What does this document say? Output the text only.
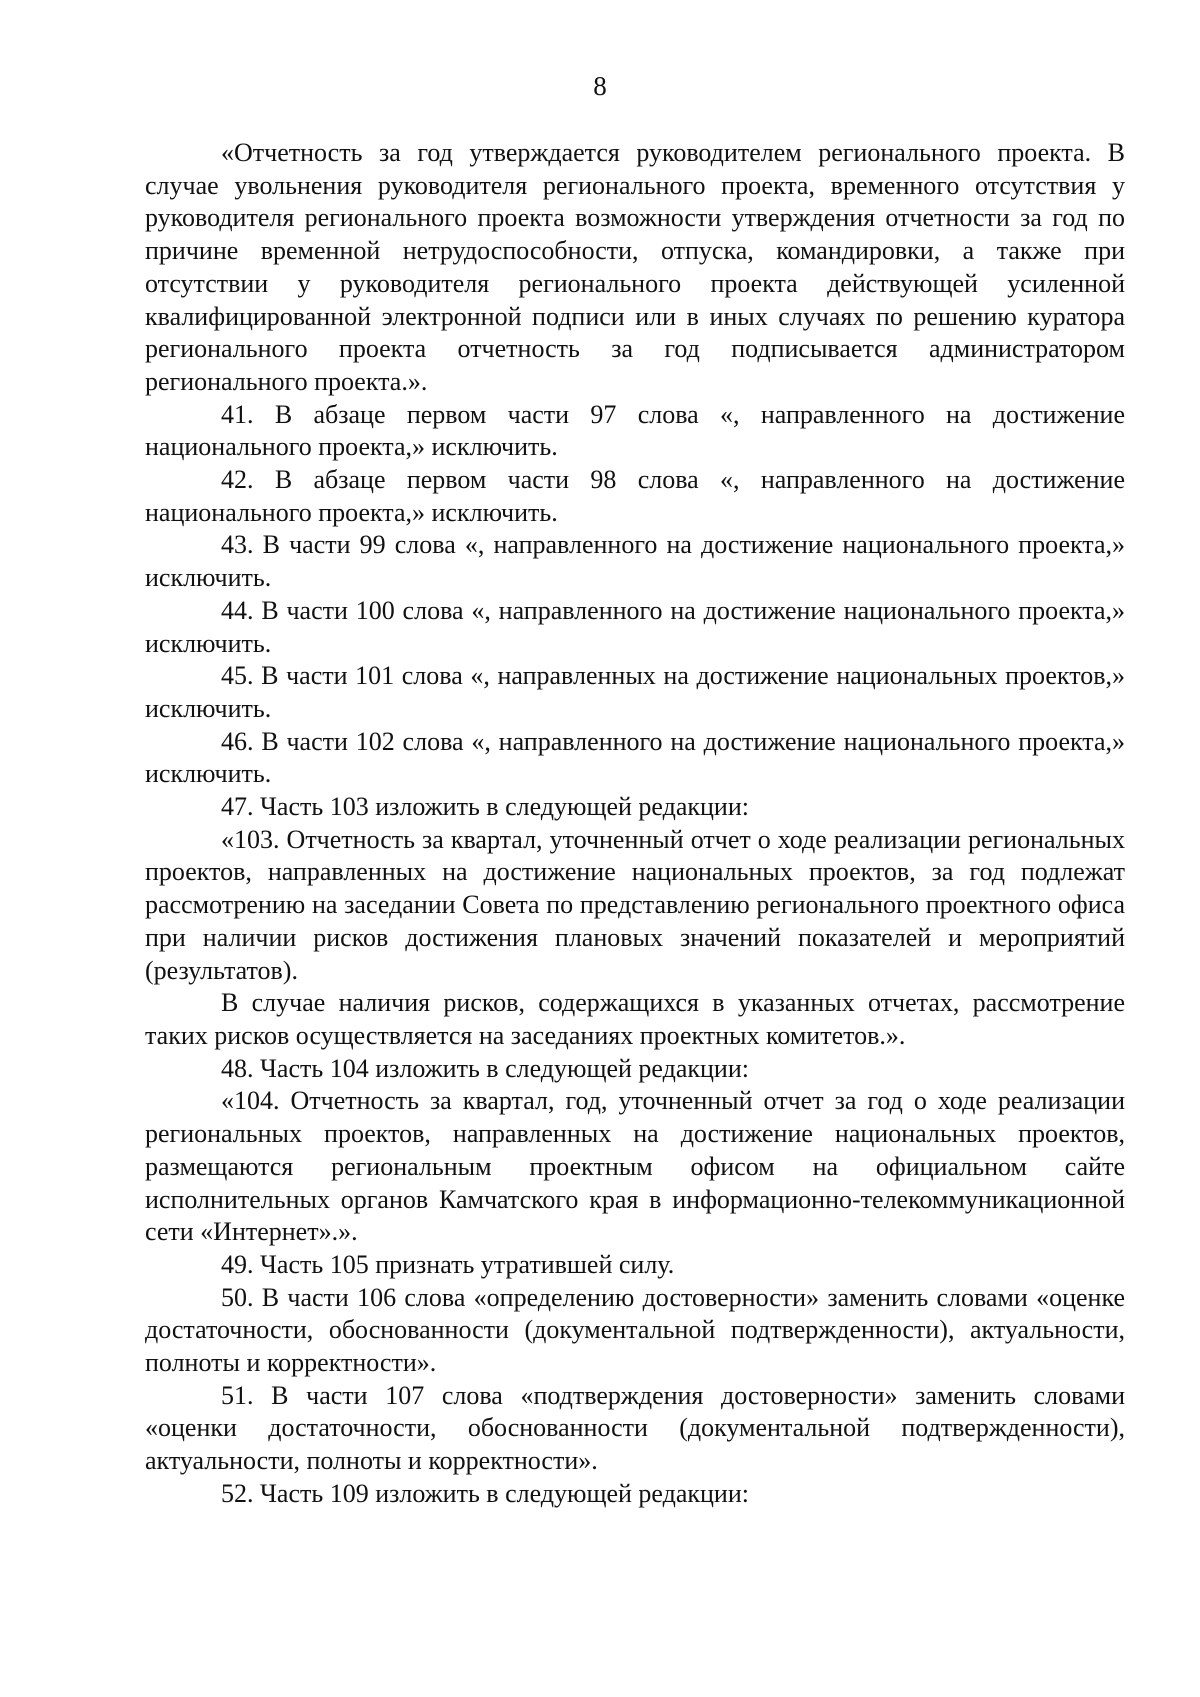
8

«Отчетность за год утверждается руководителем регионального проекта. В случае увольнения руководителя регионального проекта, временного отсутствия у руководителя регионального проекта возможности утверждения отчетности за год по причине временной нетрудоспособности, отпуска, командировки, а также при отсутствии у руководителя регионального проекта действующей усиленной квалифицированной электронной подписи или в иных случаях по решению куратора регионального проекта отчетность за год подписывается администратором регионального проекта.».

41. В абзаце первом части 97 слова «, направленного на достижение национального проекта,» исключить.

42. В абзаце первом части 98 слова «, направленного на достижение национального проекта,» исключить.

43. В части 99 слова «, направленного на достижение национального проекта,» исключить.

44. В части 100 слова «, направленного на достижение национального проекта,» исключить.

45. В части 101 слова «, направленных на достижение национальных проектов,» исключить.

46. В части 102 слова «, направленного на достижение национального проекта,» исключить.

47. Часть 103 изложить в следующей редакции:

«103. Отчетность за квартал, уточненный отчет о ходе реализации региональных проектов, направленных на достижение национальных проектов, за год подлежат рассмотрению на заседании Совета по представлению регионального проектного офиса при наличии рисков достижения плановых значений показателей и мероприятий (результатов).

В случае наличия рисков, содержащихся в указанных отчетах, рассмотрение таких рисков осуществляется на заседаниях проектных комитетов.».

48. Часть 104 изложить в следующей редакции:

«104. Отчетность за квартал, год, уточненный отчет за год о ходе реализации региональных проектов, направленных на достижение национальных проектов, размещаются региональным проектным офисом на официальном сайте исполнительных органов Камчатского края в информационно-телекоммуникационной сети «Интернет».».

49. Часть 105 признать утратившей силу.

50. В части 106 слова «определению достоверности» заменить словами «оценке достаточности, обоснованности (документальной подтвержденности), актуальности, полноты и корректности».

51. В части 107 слова «подтверждения достоверности» заменить словами «оценки достаточности, обоснованности (документальной подтвержденности), актуальности, полноты и корректности».

52. Часть 109 изложить в следующей редакции:
